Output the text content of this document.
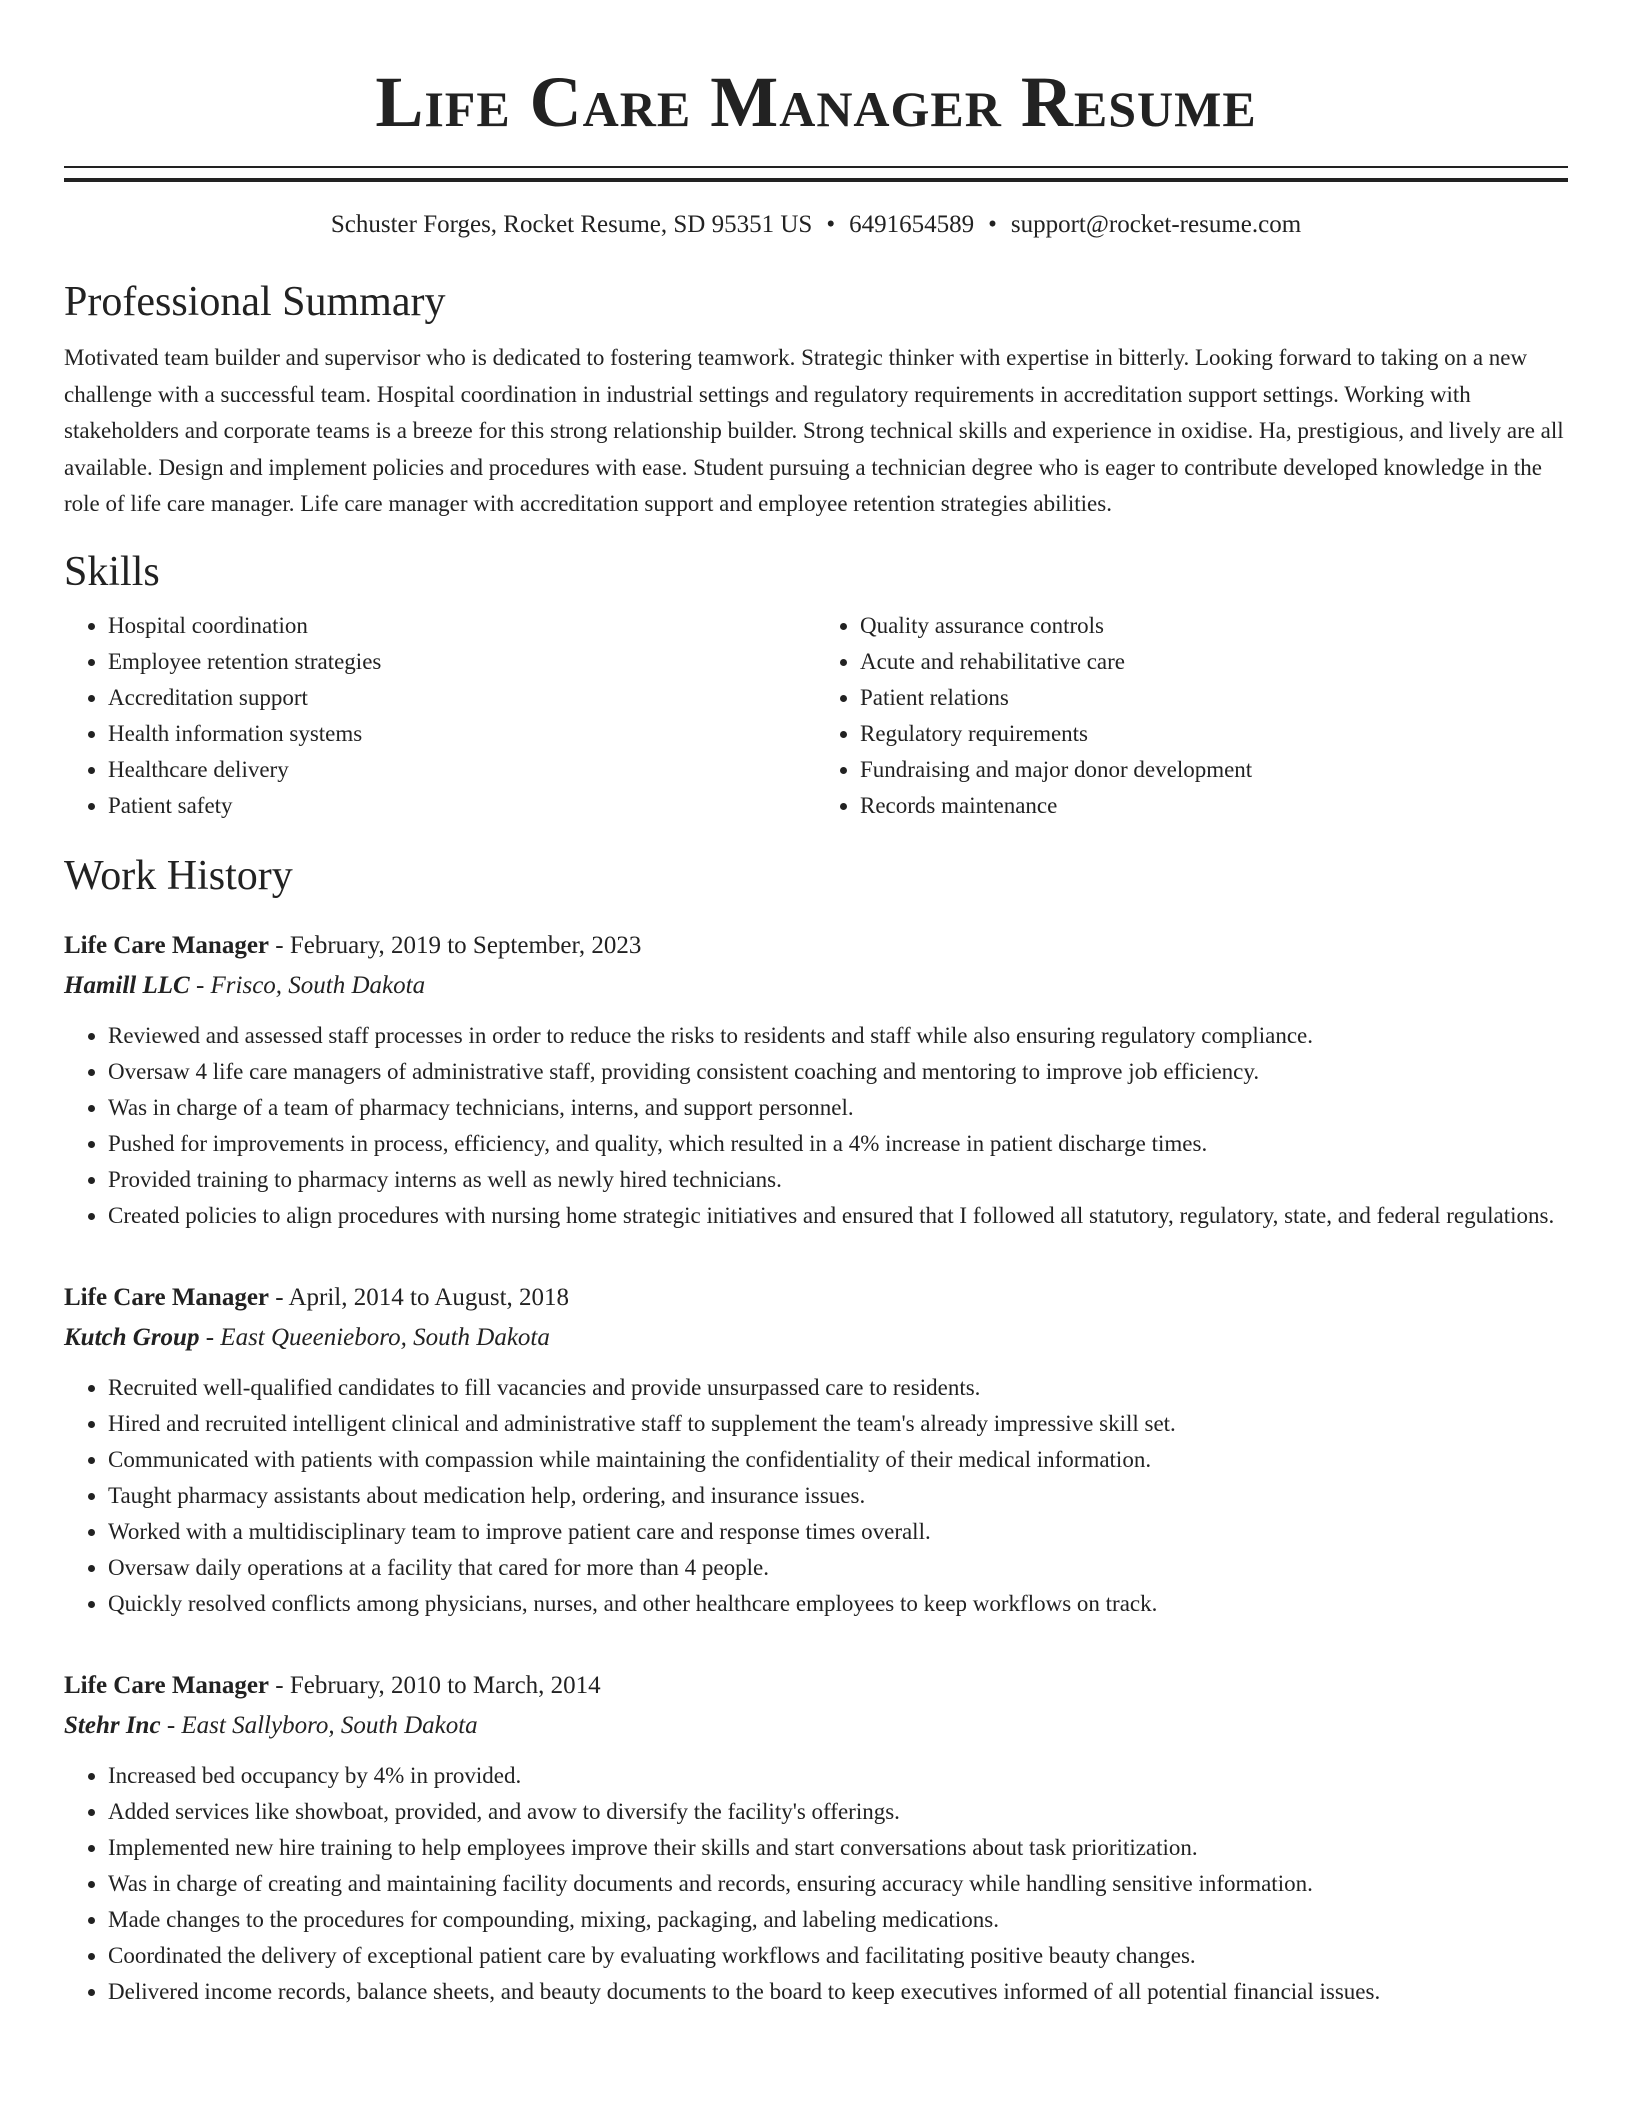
Life Care Manager Resume
Schuster Forges, Rocket Resume, SD 95351 US • 6491654589 • support@rocket-resume.com
Professional Summary

Motivated team builder and supervisor who is dedicated to fostering teamwork. Strategic thinker with expertise in bitterly. Looking forward to taking on a new challenge with a successful team. Hospital coordination in industrial settings and regulatory requirements in accreditation support settings. Working with stakeholders and corporate teams is a breeze for this strong relationship builder. Strong technical skills and experience in oxidise. Ha, prestigious, and lively are all available. Design and implement policies and procedures with ease. Student pursuing a technician degree who is eager to contribute developed knowledge in the role of life care manager. Life care manager with accreditation support and employee retention strategies abilities.

Skills
• Hospital coordination
• Employee retention strategies
• Accreditation support
• Health information systems
• Healthcare delivery
• Patient safety
• Quality assurance controls
• Acute and rehabilitative care
• Patient relations
• Regulatory requirements
• Fundraising and major donor development
• Records maintenance
Work History
Life Care Manager - February, 2019 to September, 2023
Hamill LLC - Frisco, South Dakota
• Reviewed and assessed staff processes in order to reduce the risks to residents and staff while also ensuring regulatory compliance.
• Oversaw 4 life care managers of administrative staff, providing consistent coaching and mentoring to improve job efficiency.
• Was in charge of a team of pharmacy technicians, interns, and support personnel.
• Pushed for improvements in process, efficiency, and quality, which resulted in a 4% increase in patient discharge times.
• Provided training to pharmacy interns as well as newly hired technicians.
• Created policies to align procedures with nursing home strategic initiatives and ensured that I followed all statutory, regulatory, state, and federal regulations.
Life Care Manager - April, 2014 to August, 2018
Kutch Group - East Queenieboro, South Dakota
• Recruited well-qualified candidates to fill vacancies and provide unsurpassed care to residents.
• Hired and recruited intelligent clinical and administrative staff to supplement the team's already impressive skill set.
• Communicated with patients with compassion while maintaining the confidentiality of their medical information.
• Taught pharmacy assistants about medication help, ordering, and insurance issues.
• Worked with a multidisciplinary team to improve patient care and response times overall.
• Oversaw daily operations at a facility that cared for more than 4 people.
• Quickly resolved conflicts among physicians, nurses, and other healthcare employees to keep workflows on track.
Life Care Manager - February, 2010 to March, 2014
Stehr Inc - East Sallyboro, South Dakota
• Increased bed occupancy by 4% in provided.
• Added services like showboat, provided, and avow to diversify the facility's offerings.
• Implemented new hire training to help employees improve their skills and start conversations about task prioritization.
• Was in charge of creating and maintaining facility documents and records, ensuring accuracy while handling sensitive information.
• Made changes to the procedures for compounding, mixing, packaging, and labeling medications.
• Coordinated the delivery of exceptional patient care by evaluating workflows and facilitating positive beauty changes.
• Delivered income records, balance sheets, and beauty documents to the board to keep executives informed of all potential financial issues.
